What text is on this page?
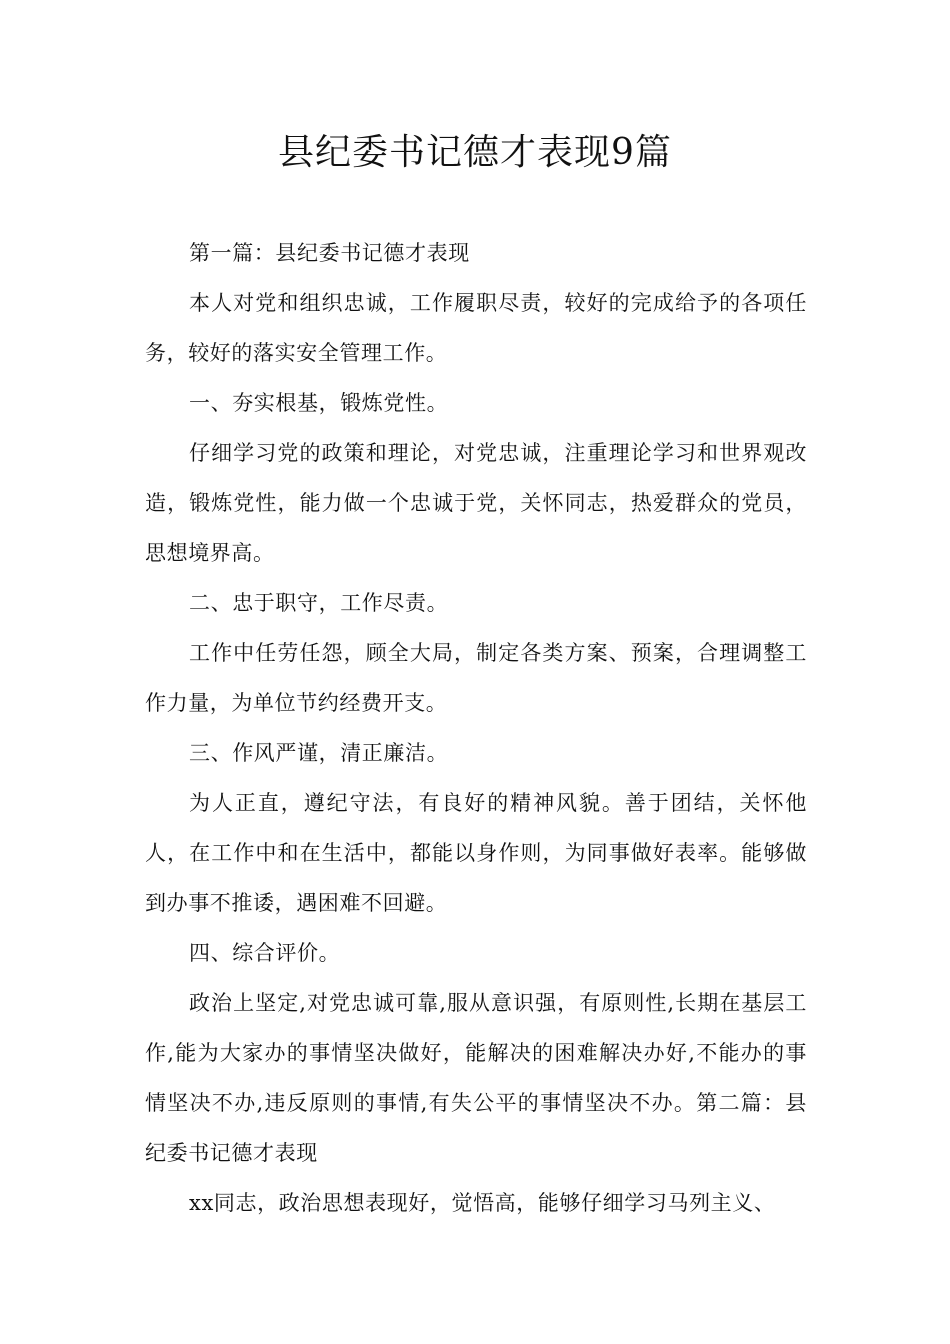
县纪委书记德才表现9篇

第一篇：县纪委书记德才表现

本人对党和组织忠诚，工作履职尽责，较好的完成给予的各项任务，较好的落实安全管理工作。

一、夯实根基，锻炼党性。

仔细学习党的政策和理论，对党忠诚，注重理论学习和世界观改造，锻炼党性，能力做一个忠诚于党，关怀同志，热爱群众的党员，思想境界高。

二、忠于职守，工作尽责。

工作中任劳任怨，顾全大局，制定各类方案、预案，合理调整工作力量，为单位节约经费开支。

三、作风严谨，清正廉洁。

为人正直，遵纪守法，有良好的精神风貌。善于团结，关怀他人，在工作中和在生活中，都能以身作则，为同事做好表率。能够做到办事不推诿，遇困难不回避。

四、综合评价。

政治上坚定,对党忠诚可靠,服从意识强，有原则性,长期在基层工作,能为大家办的事情坚决做好，能解决的困难解决办好,不能办的事情坚决不办,违反原则的事情,有失公平的事情坚决不办。第二篇：县纪委书记德才表现

xx同志，政治思想表现好，觉悟高，能够仔细学习马列主义、
